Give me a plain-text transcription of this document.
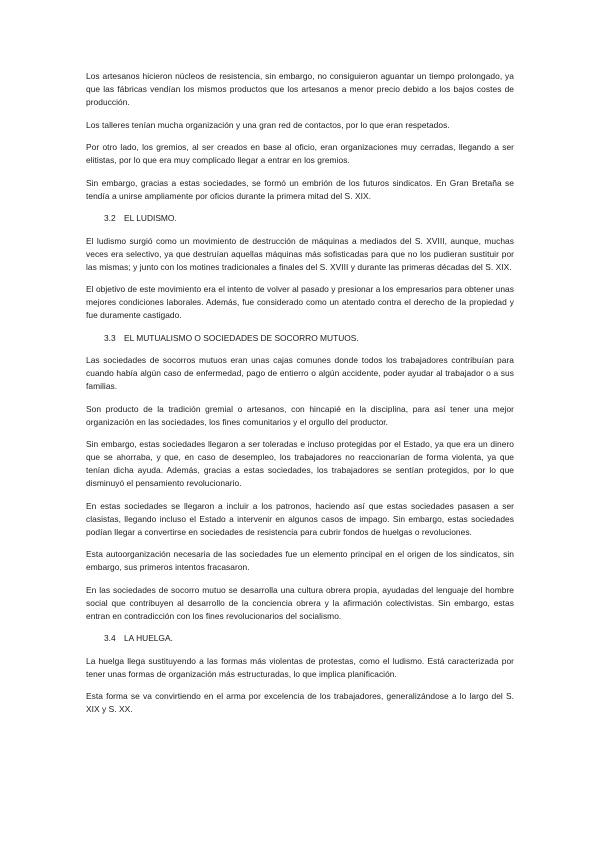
Los artesanos hicieron núcleos de resistencia, sin embargo, no consiguieron aguantar un tiempo prolongado, ya que las fábricas vendían los mismos productos que los artesanos a menor precio debido a los bajos costes de producción.

Los talleres tenían mucha organización y una gran red de contactos, por lo que eran respetados.

Por otro lado, los gremios, al ser creados en base al oficio, eran organizaciones muy cerradas, llegando a ser elitistas, por lo que era muy complicado llegar a entrar en los gremios.

Sin embargo, gracias a estas sociedades, se formó un embrión de los futuros sindicatos. En Gran Bretaña se tendía a unirse ampliamente por oficios durante la primera mitad del S. XIX.

3.2 EL LUDISMO.

El ludismo surgió como un movimiento de destrucción de máquinas a mediados del S. XVIII, aunque, muchas veces era selectivo, ya que destruían aquellas máquinas más sofisticadas para que no los pudieran sustituir por las mismas; y junto con los motines tradicionales a finales del S. XVIII y durante las primeras décadas del S. XIX.

El objetivo de este movimiento era el intento de volver al pasado y presionar a los empresarios para obtener unas mejores condiciones laborales. Además, fue considerado como un atentado contra el derecho de la propiedad y fue duramente castigado.

3.3 EL MUTUALISMO O SOCIEDADES DE SOCORRO MUTUOS.

Las sociedades de socorros mutuos eran unas cajas comunes donde todos los trabajadores contribuían para cuando había algún caso de enfermedad, pago de entierro o algún accidente, poder ayudar al trabajador o a sus familias.

Son producto de la tradición gremial o artesanos, con hincapié en la disciplina, para así tener una mejor organización en las sociedades, los fines comunitarios y el orgullo del productor.

Sin embargo, estas sociedades llegaron a ser toleradas e incluso protegidas por el Estado, ya que era un dinero que se ahorraba, y que, en caso de desempleo, los trabajadores no reaccionarían de forma violenta, ya que tenían dicha ayuda. Además, gracias a estas sociedades, los trabajadores se sentían protegidos, por lo que disminuyó el pensamiento revolucionario.

En estas sociedades se llegaron a incluir a los patronos, haciendo así que estas sociedades pasasen a ser clasistas, llegando incluso el Estado a intervenir en algunos casos de impago. Sin embargo, estas sociedades podían llegar a convertirse en sociedades de resistencia para cubrir fondos de huelgas o revoluciones.

Esta autoorganización necesaria de las sociedades fue un elemento principal en el origen de los sindicatos, sin embargo, sus primeros intentos fracasaron.

En las sociedades de socorro mutuo se desarrolla una cultura obrera propia, ayudadas del lenguaje del hombre social que contribuyen al desarrollo de la conciencia obrera y la afirmación colectivistas. Sin embargo, estas entran en contradicción con los fines revolucionarios del socialismo.

3.4 LA HUELGA.

La huelga llega sustituyendo a las formas más violentas de protestas, como el ludismo. Está caracterizada por tener unas formas de organización más estructuradas, lo que implica planificación.

Esta forma se va convirtiendo en el arma por excelencia de los trabajadores, generalizándose a lo largo del S. XIX y S. XX.
